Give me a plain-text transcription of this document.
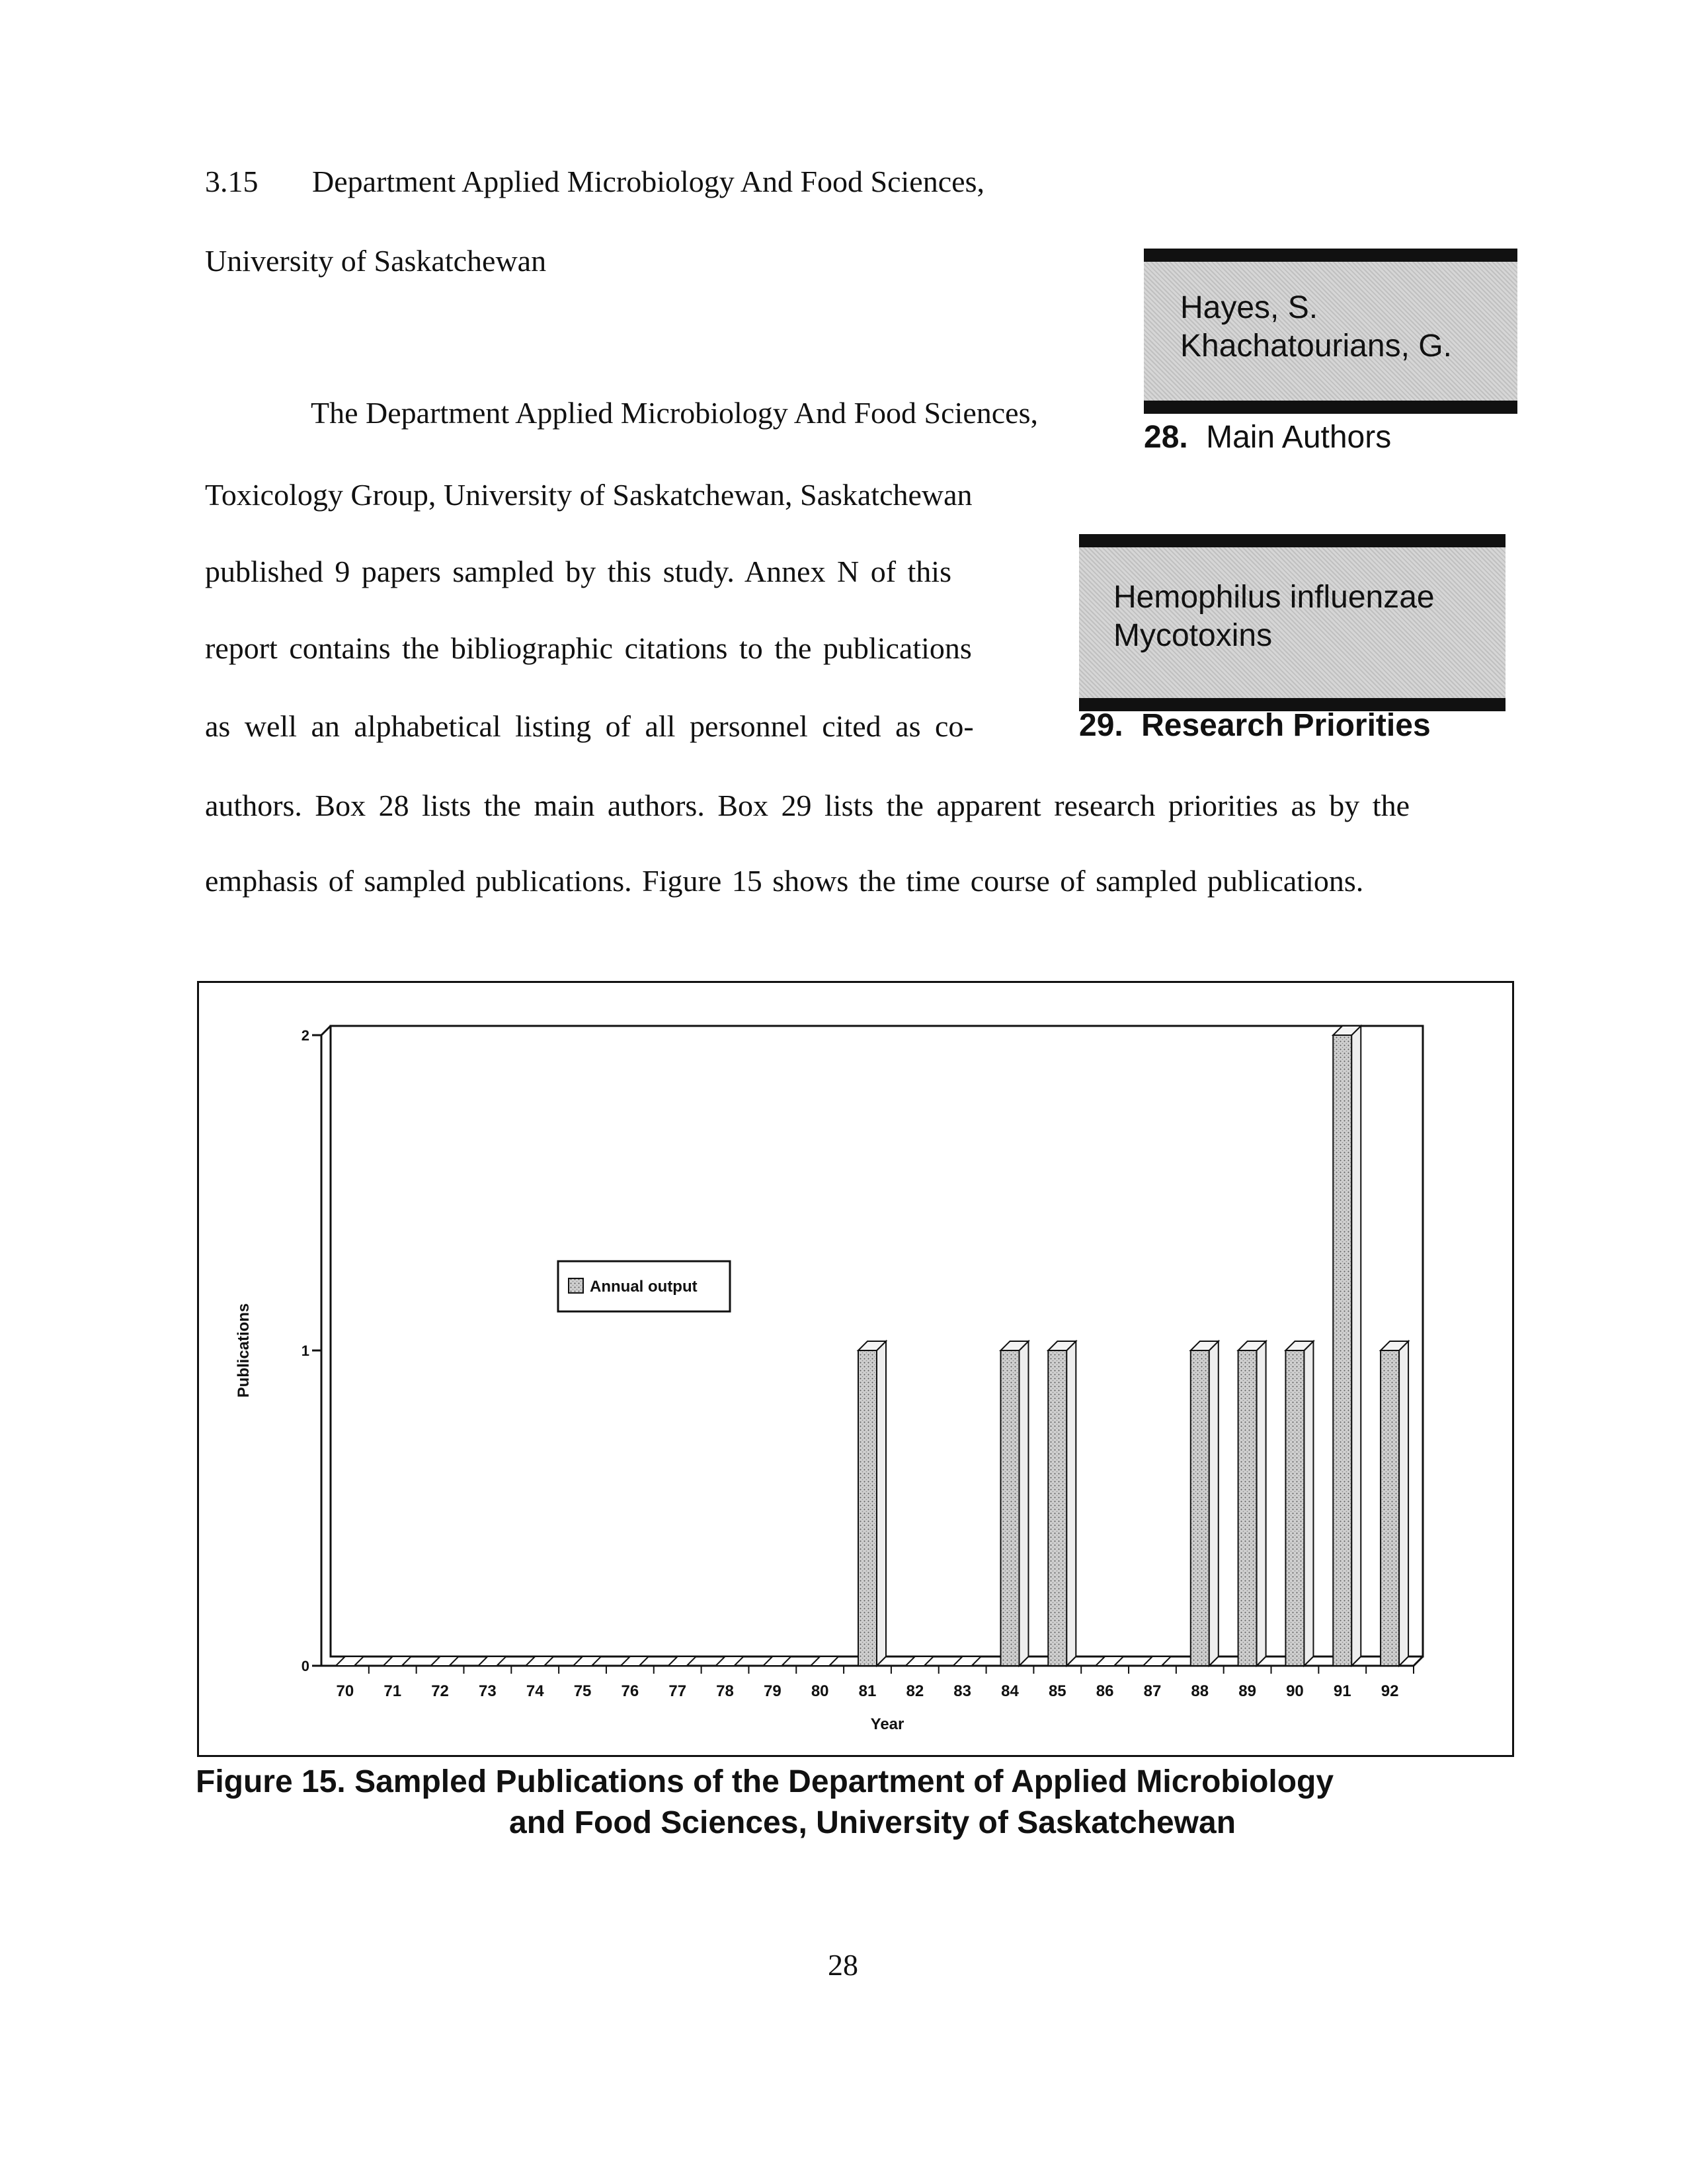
3.15 Department Applied Microbiology And Food Sciences,
University of Saskatchewan
The Department Applied Microbiology And Food Sciences,
Toxicology Group, University of Saskatchewan, Saskatchewan
published 9 papers sampled by this study. Annex N of this
report contains the bibliographic citations to the publications
as well an alphabetical listing of all personnel cited as co-
authors. Box 28 lists the main authors. Box 29 lists the apparent research priorities as by the
emphasis of sampled publications. Figure 15 shows the time course of sampled publications.
Hayes, S.
Khachatourians, G.
28. Main Authors
Hemophilus influenzae
Mycotoxins
29. Research Priorities
0
1
2
Publications
70 71 72 73 74 75 76 77 78 79 80 81 82 83 84 85 86 87 88 89 90 91 92
Year
Annual output
Figure 15. Sampled Publications of the Department of Applied Microbiology
and Food Sciences, University of Saskatchewan
28
